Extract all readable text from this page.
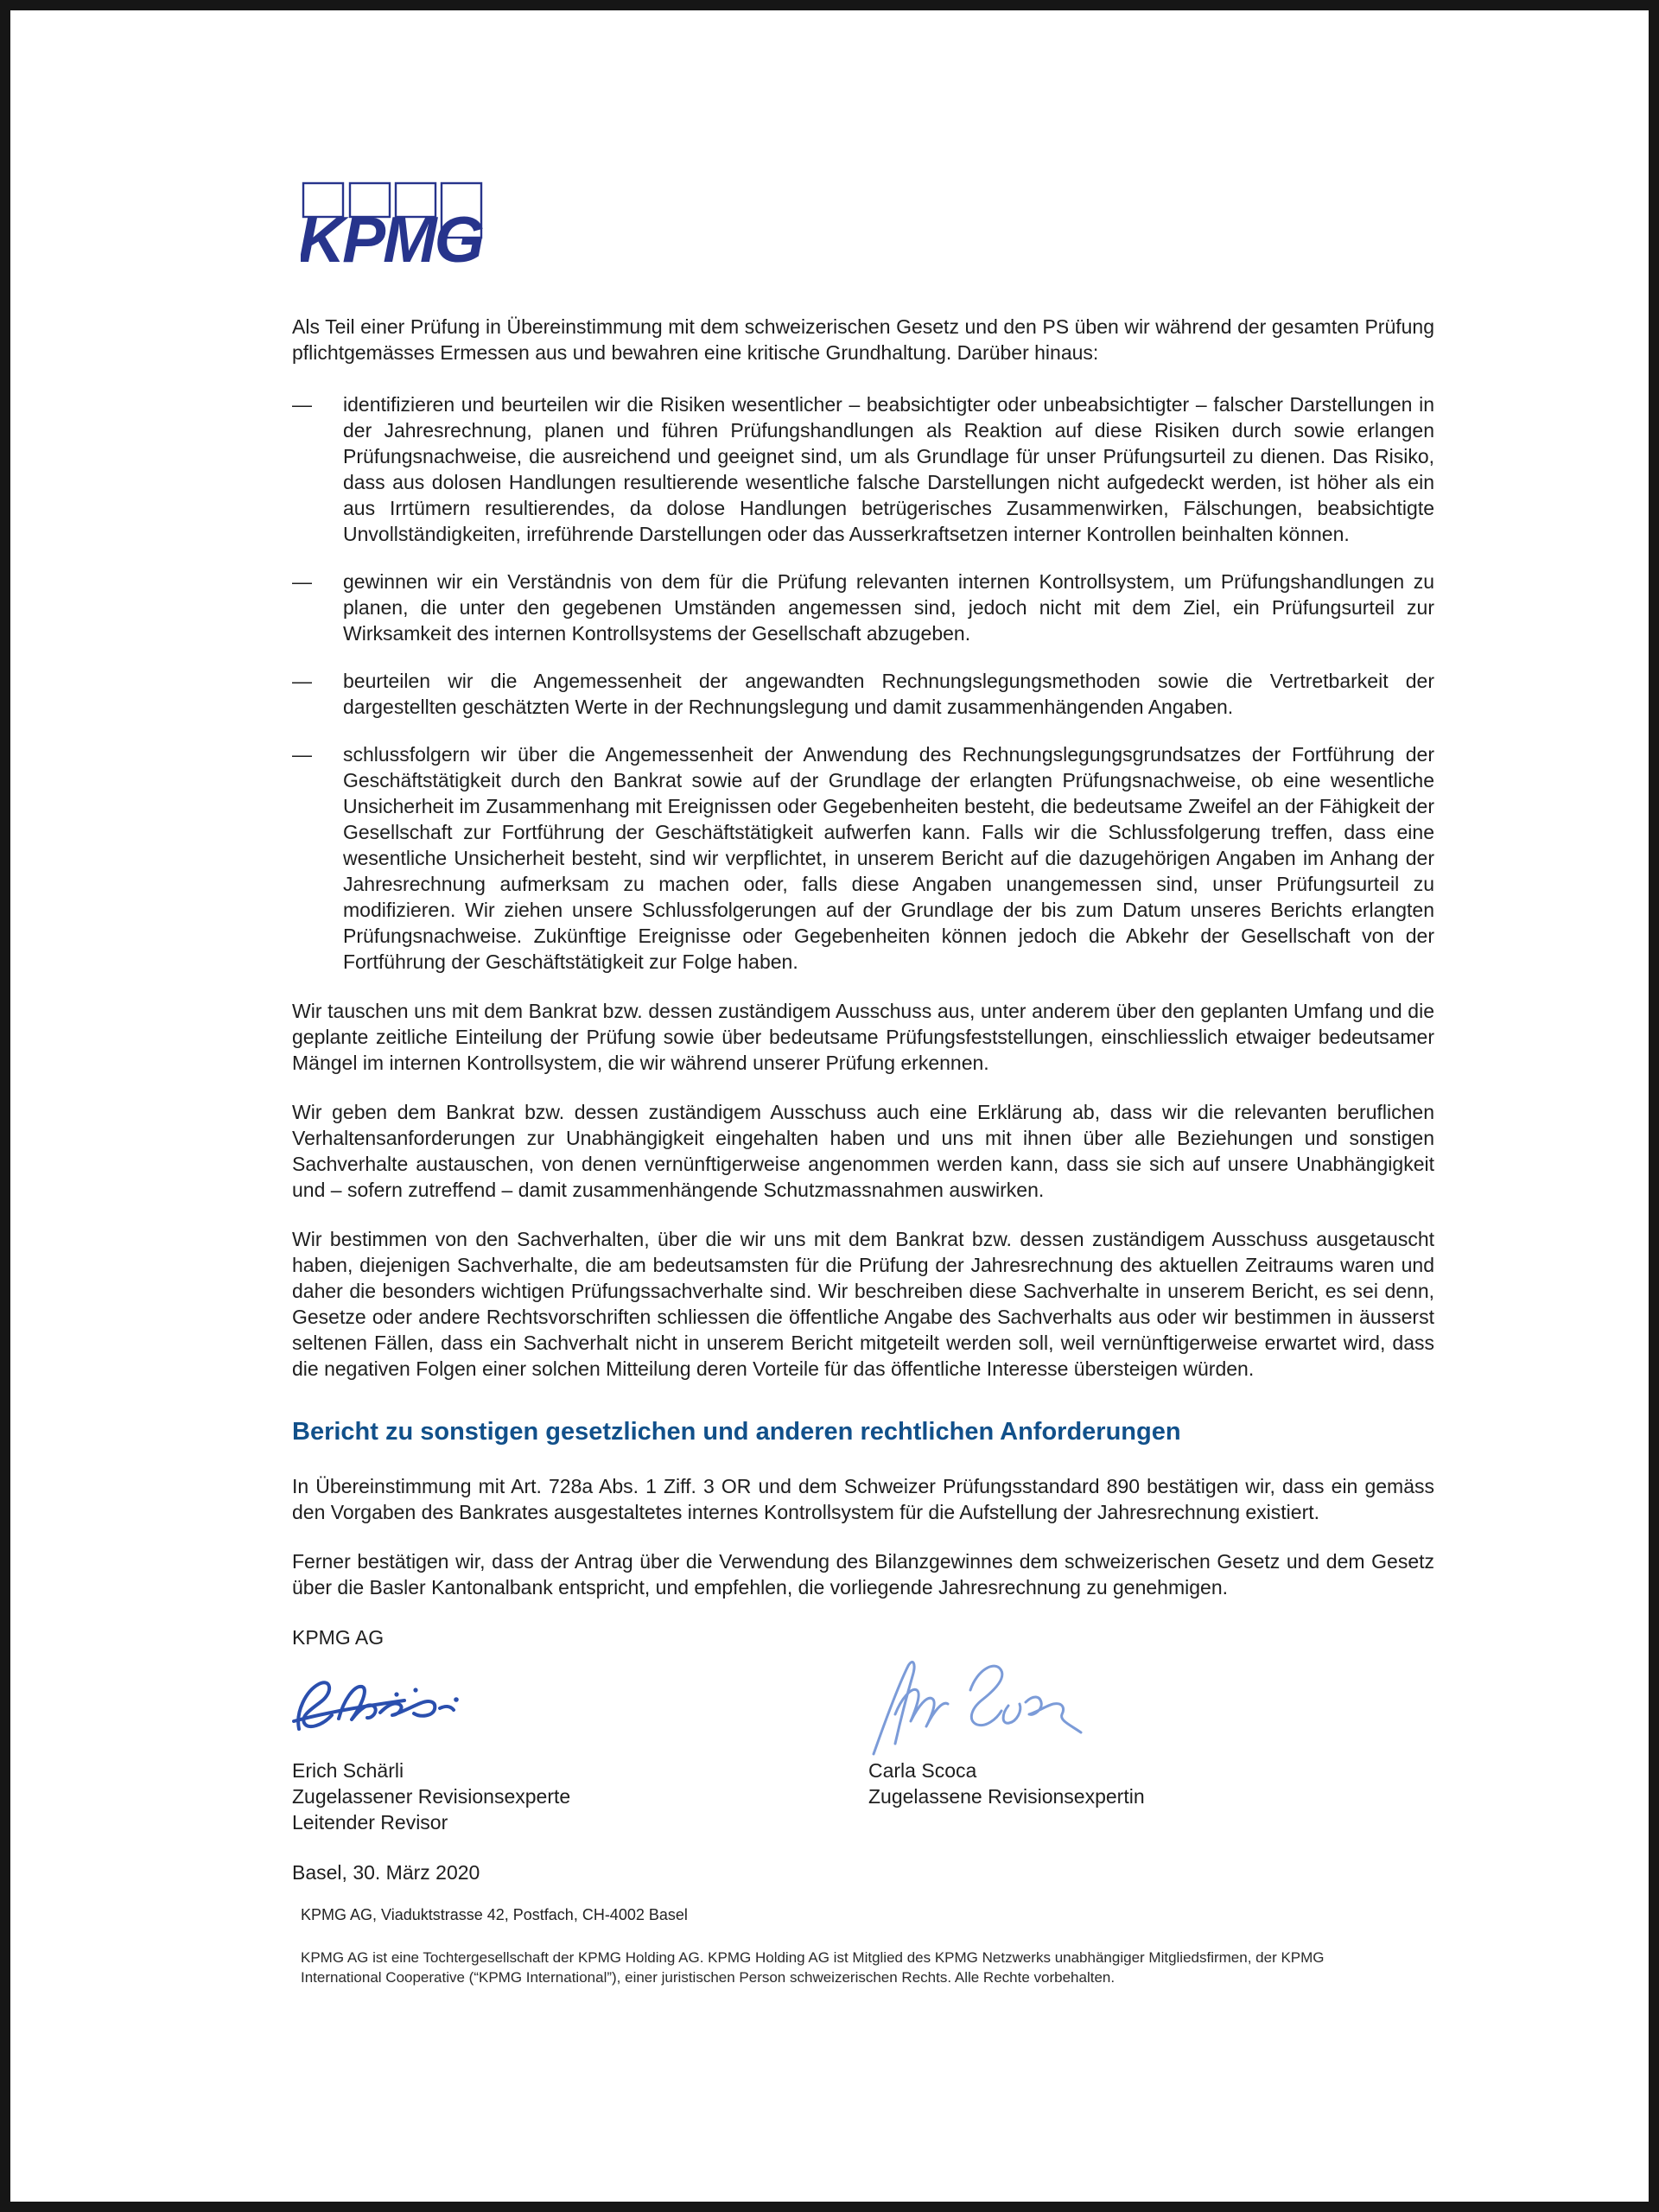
KPMG

Als Teil einer Prüfung in Übereinstimmung mit dem schweizerischen Gesetz und den PS üben wir während der gesamten Prüfung pflichtgemässes Ermessen aus und bewahren eine kritische Grundhaltung. Darüber hinaus:

—	identifizieren und beurteilen wir die Risiken wesentlicher – beabsichtigter oder unbeabsichtigter – falscher Darstellungen in der Jahresrechnung, planen und führen Prüfungshandlungen als Reaktion auf diese Risiken durch sowie erlangen Prüfungsnachweise, die ausreichend und geeignet sind, um als Grundlage für unser Prüfungsurteil zu dienen. Das Risiko, dass aus dolosen Handlungen resultierende wesentliche falsche Darstellungen nicht aufgedeckt werden, ist höher als ein aus Irrtümern resultierendes, da dolose Handlungen betrügerisches Zusammenwirken, Fälschungen, beabsichtigte Unvollständigkeiten, irreführende Darstellungen oder das Ausserkraftsetzen interner Kontrollen beinhalten können.

—	gewinnen wir ein Verständnis von dem für die Prüfung relevanten internen Kontrollsystem, um Prüfungshandlungen zu planen, die unter den gegebenen Umständen angemessen sind, jedoch nicht mit dem Ziel, ein Prüfungsurteil zur Wirksamkeit des internen Kontrollsystems der Gesellschaft abzugeben.

—	beurteilen wir die Angemessenheit der angewandten Rechnungslegungsmethoden sowie die Vertretbarkeit der dargestellten geschätzten Werte in der Rechnungslegung und damit zusammenhängenden Angaben.

—	schlussfolgern wir über die Angemessenheit der Anwendung des Rechnungslegungsgrundsatzes der Fortführung der Geschäftstätigkeit durch den Bankrat sowie auf der Grundlage der erlangten Prüfungsnachweise, ob eine wesentliche Unsicherheit im Zusammenhang mit Ereignissen oder Gegebenheiten besteht, die bedeutsame Zweifel an der Fähigkeit der Gesellschaft zur Fortführung der Geschäftstätigkeit aufwerfen kann. Falls wir die Schlussfolgerung treffen, dass eine wesentliche Unsicherheit besteht, sind wir verpflichtet, in unserem Bericht auf die dazugehörigen Angaben im Anhang der Jahresrechnung aufmerksam zu machen oder, falls diese Angaben unangemessen sind, unser Prüfungsurteil zu modifizieren. Wir ziehen unsere Schlussfolgerungen auf der Grundlage der bis zum Datum unseres Berichts erlangten Prüfungsnachweise. Zukünftige Ereignisse oder Gegebenheiten können jedoch die Abkehr der Gesellschaft von der Fortführung der Geschäftstätigkeit zur Folge haben.

Wir tauschen uns mit dem Bankrat bzw. dessen zuständigem Ausschuss aus, unter anderem über den geplanten Umfang und die geplante zeitliche Einteilung der Prüfung sowie über bedeutsame Prüfungsfeststellungen, einschliesslich etwaiger bedeutsamer Mängel im internen Kontrollsystem, die wir während unserer Prüfung erkennen.

Wir geben dem Bankrat bzw. dessen zuständigem Ausschuss auch eine Erklärung ab, dass wir die relevanten beruflichen Verhaltensanforderungen zur Unabhängigkeit eingehalten haben und uns mit ihnen über alle Beziehungen und sonstigen Sachverhalte austauschen, von denen vernünftigerweise angenommen werden kann, dass sie sich auf unsere Unabhängigkeit und – sofern zutreffend – damit zusammenhängende Schutzmassnahmen auswirken.

Wir bestimmen von den Sachverhalten, über die wir uns mit dem Bankrat bzw. dessen zuständigem Ausschuss ausgetauscht haben, diejenigen Sachverhalte, die am bedeutsamsten für die Prüfung der Jahresrechnung des aktuellen Zeitraums waren und daher die besonders wichtigen Prüfungssachverhalte sind. Wir beschreiben diese Sachverhalte in unserem Bericht, es sei denn, Gesetze oder andere Rechtsvorschriften schliessen die öffentliche Angabe des Sachverhalts aus oder wir bestimmen in äusserst seltenen Fällen, dass ein Sachverhalt nicht in unserem Bericht mitgeteilt werden soll, weil vernünftigerweise erwartet wird, dass die negativen Folgen einer solchen Mitteilung deren Vorteile für das öffentliche Interesse übersteigen würden.

Bericht zu sonstigen gesetzlichen und anderen rechtlichen Anforderungen

In Übereinstimmung mit Art. 728a Abs. 1 Ziff. 3 OR und dem Schweizer Prüfungsstandard 890 bestätigen wir, dass ein gemäss den Vorgaben des Bankrates ausgestaltetes internes Kontrollsystem für die Aufstellung der Jahresrechnung existiert.

Ferner bestätigen wir, dass der Antrag über die Verwendung des Bilanzgewinnes dem schweizerischen Gesetz und dem Gesetz über die Basler Kantonalbank entspricht, und empfehlen, die vorliegende Jahresrechnung zu genehmigen.

KPMG AG

Erich Schärli
Zugelassener Revisionsexperte
Leitender Revisor
Carla Scoca
Zugelassene Revisionsexpertin

Basel, 30. März 2020

KPMG AG, Viaduktstrasse 42, Postfach, CH-4002 Basel

KPMG AG ist eine Tochtergesellschaft der KPMG Holding AG. KPMG Holding AG ist Mitglied des KPMG Netzwerks unabhängiger Mitgliedsfirmen, der KPMG International Cooperative (“KPMG International”), einer juristischen Person schweizerischen Rechts. Alle Rechte vorbehalten.
